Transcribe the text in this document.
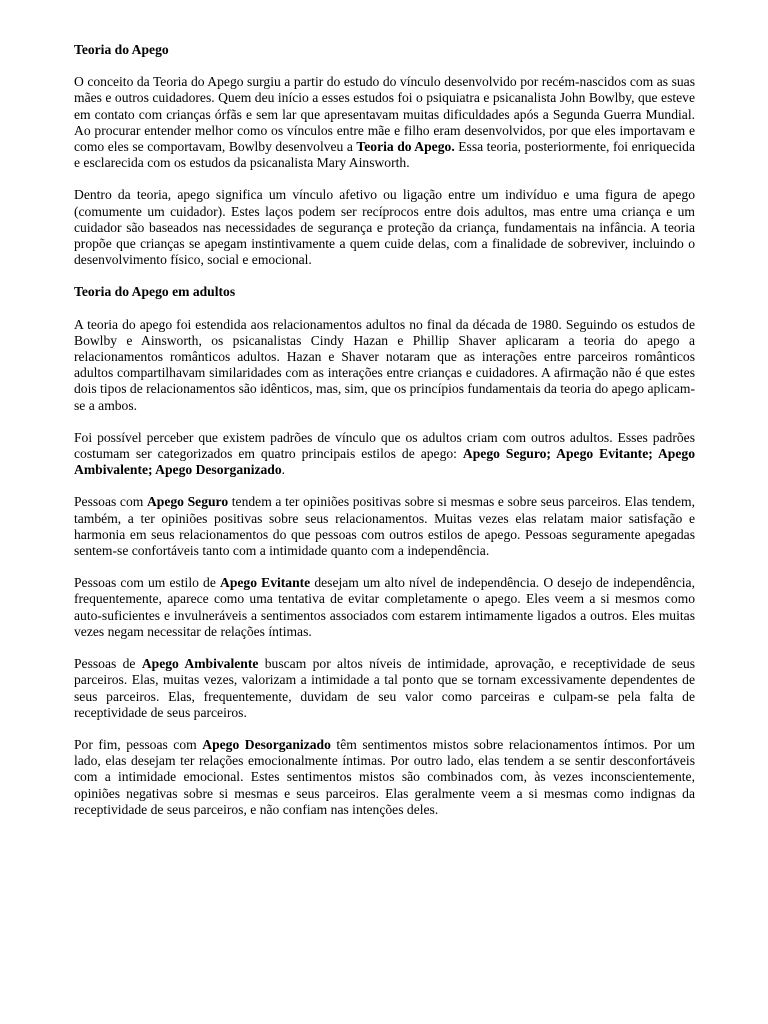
Teoria do Apego

O conceito da Teoria do Apego surgiu a partir do estudo do vínculo desenvolvido por recém-nascidos com as suas mães e outros cuidadores. Quem deu início a esses estudos foi o psiquiatra e psicanalista John Bowlby, que esteve em contato com crianças órfãs e sem lar que apresentavam muitas dificuldades após a Segunda Guerra Mundial. Ao procurar entender melhor como os vínculos entre mãe e filho eram desenvolvidos, por que eles importavam e como eles se comportavam, Bowlby desenvolveu a Teoria do Apego. Essa teoria, posteriormente, foi enriquecida e esclarecida com os estudos da psicanalista Mary Ainsworth.

Dentro da teoria, apego significa um vínculo afetivo ou ligação entre um indivíduo e uma figura de apego (comumente um cuidador). Estes laços podem ser recíprocos entre dois adultos, mas entre uma criança e um cuidador são baseados nas necessidades de segurança e proteção da criança, fundamentais na infância. A teoria propõe que crianças se apegam instintivamente a quem cuide delas, com a finalidade de sobreviver, incluindo o desenvolvimento físico, social e emocional.

Teoria do Apego em adultos

A teoria do apego foi estendida aos relacionamentos adultos no final da década de 1980. Seguindo os estudos de Bowlby e Ainsworth, os psicanalistas Cindy Hazan e Phillip Shaver aplicaram a teoria do apego a relacionamentos românticos adultos. Hazan e Shaver notaram que as interações entre parceiros românticos adultos compartilhavam similaridades com as interações entre crianças e cuidadores. A afirmação não é que estes dois tipos de relacionamentos são idênticos, mas, sim, que os princípios fundamentais da teoria do apego aplicam-se a ambos.

Foi possível perceber que existem padrões de vínculo que os adultos criam com outros adultos. Esses padrões costumam ser categorizados em quatro principais estilos de apego: Apego Seguro; Apego Evitante; Apego Ambivalente; Apego Desorganizado.

Pessoas com Apego Seguro tendem a ter opiniões positivas sobre si mesmas e sobre seus parceiros. Elas tendem, também, a ter opiniões positivas sobre seus relacionamentos. Muitas vezes elas relatam maior satisfação e harmonia em seus relacionamentos do que pessoas com outros estilos de apego. Pessoas seguramente apegadas sentem-se confortáveis tanto com a intimidade quanto com a independência.

Pessoas com um estilo de Apego Evitante desejam um alto nível de independência. O desejo de independência, frequentemente, aparece como uma tentativa de evitar completamente o apego. Eles veem a si mesmos como auto-suficientes e invulneráveis a sentimentos associados com estarem intimamente ligados a outros. Eles muitas vezes negam necessitar de relações íntimas.

Pessoas de Apego Ambivalente buscam por altos níveis de intimidade, aprovação, e receptividade de seus parceiros. Elas, muitas vezes, valorizam a intimidade a tal ponto que se tornam excessivamente dependentes de seus parceiros. Elas, frequentemente, duvidam de seu valor como parceiras e culpam-se pela falta de receptividade de seus parceiros.

Por fim, pessoas com Apego Desorganizado têm sentimentos mistos sobre relacionamentos íntimos. Por um lado, elas desejam ter relações emocionalmente íntimas. Por outro lado, elas tendem a se sentir desconfortáveis com a intimidade emocional. Estes sentimentos mistos são combinados com, às vezes inconscientemente, opiniões negativas sobre si mesmas e seus parceiros. Elas geralmente veem a si mesmas como indignas da receptividade de seus parceiros, e não confiam nas intenções deles.
